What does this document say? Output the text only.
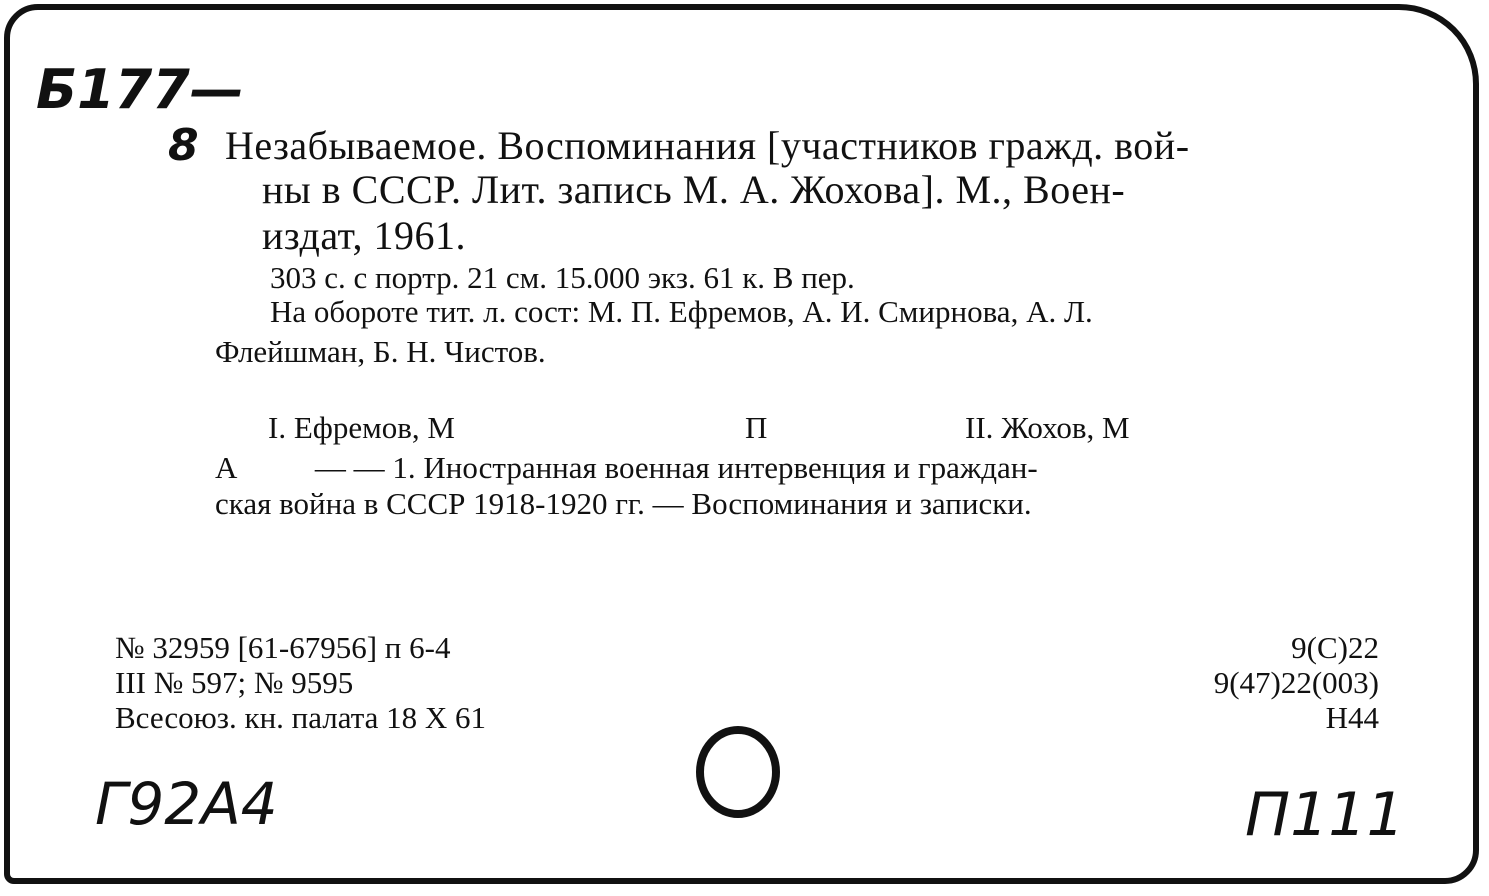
Б177—
8 Незабываемое. Воспоминания [участников гражд. вой-
ны в СССР. Лит. запись М. А. Жохова]. М., Воен-
издат, 1961.
303 с. с портр. 21 см. 15.000 экз. 61 к. В пер.
На обороте тит. л. сост: М. П. Ефремов, А. И. Смирнова, А. Л.
Флейшман, Б. Н. Чистов.
I. Ефремов, М	П	II. Жохов, М
А          — — 1. Иностранная военная интервенция и граждан-
ская война в СССР 1918-1920 гг. — Воспоминания и записки.
№ 32959 [61-67956] п 6-4
III № 597; № 9595
Всесоюз. кн. палата 18 X 61
9(С)22
9(47)22(003)
Н44
Г92А4	П111
